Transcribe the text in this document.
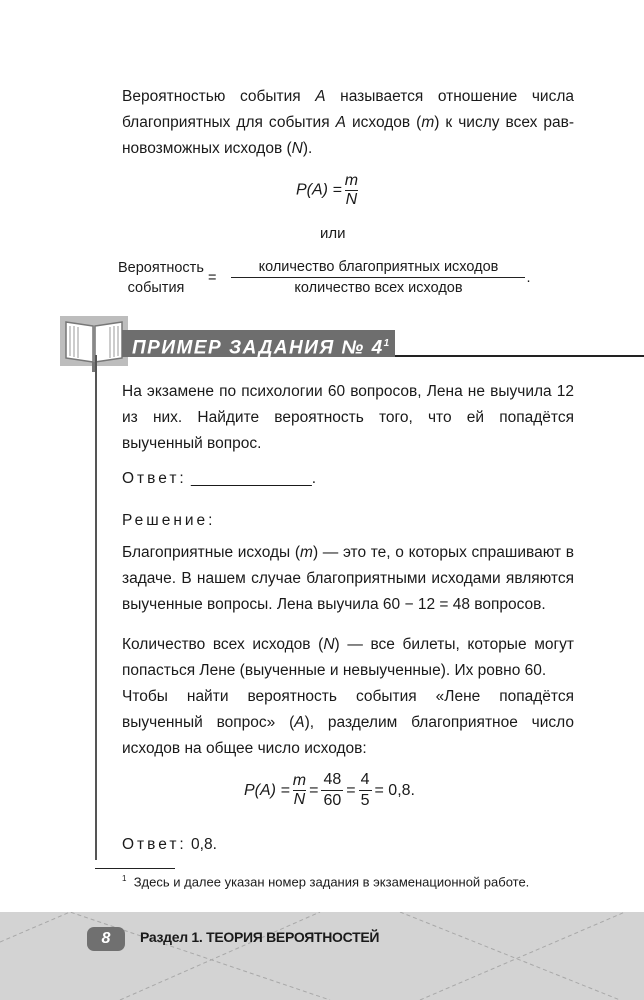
Вероятностью события A называется отношение числа благоприятных для события A исходов (m) к числу всех равновозможных исходов (N).
$P(A) = \frac{m}{N}$
или
Вероятность
события
= $\frac{\text{количество благоприятных исходов}}{\text{количество всех исходов}}$ .
ПРИМЕР ЗАДАНИЯ № $4^1$
На экзамене по психологии 60 вопросов, Лена не выучила 12 из них. Найдите вероятность того, что ей попадётся выученный вопрос.
Ответ: ______________.
Решение:
Благоприятные исходы (m) — это те, о которых спрашивают в задаче. В нашем случае благоприятными исходами являются выученные вопросы. Лена выучила 60 − 12 = 48 вопросов.
Количество всех исходов (N) — все билеты, которые могут попасться Лене (выученные и невыученные). Их ровно 60.
Чтобы найти вероятность события «Лене попадётся выученный вопрос» (A), разделим благоприятное число исходов на общее число исходов:
$P(A) = \frac{m}{N} = \frac{48}{60} = \frac{4}{5} = 0,8$.
Ответ: 0,8.
$^1$ Здесь и далее указан номер задания в экзаменационной работе.
8	Раздел 1. ТЕОРИЯ ВЕРОЯТНОСТЕЙ
